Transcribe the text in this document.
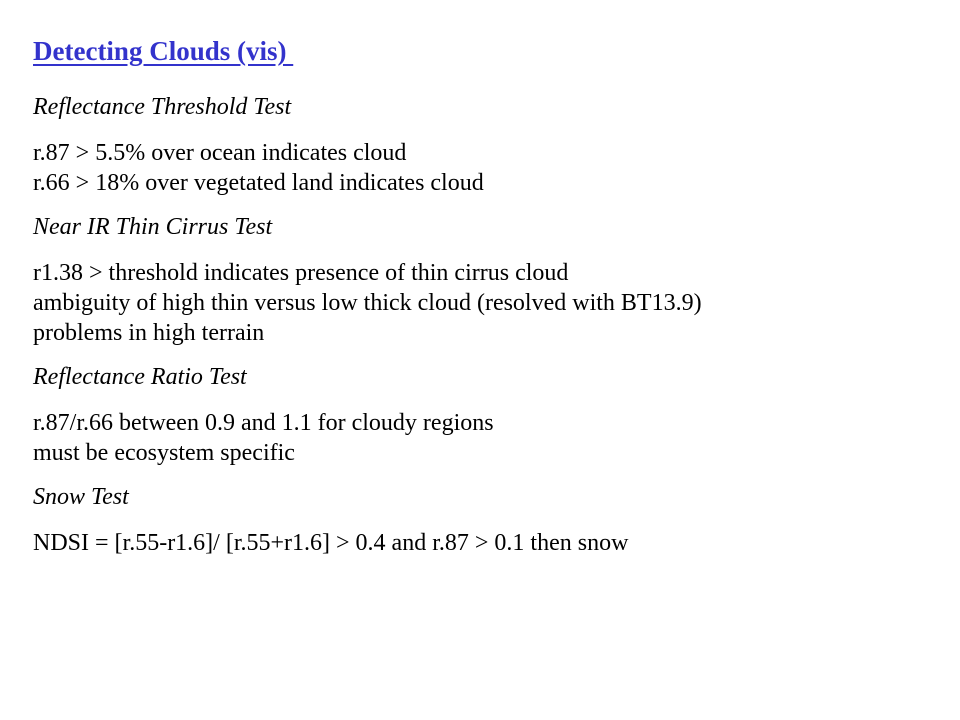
Detecting Clouds (vis)
Reflectance Threshold Test
r.87 > 5.5% over ocean indicates cloud
r.66 > 18% over vegetated land indicates cloud
Near IR Thin Cirrus Test
r1.38 > threshold indicates presence of thin cirrus cloud
ambiguity of high thin versus low thick cloud (resolved with BT13.9)
problems in high terrain
Reflectance Ratio Test
r.87/r.66 between 0.9 and 1.1 for cloudy regions
must be ecosystem specific
Snow Test
NDSI = [r.55-r1.6]/ [r.55+r1.6] > 0.4 and r.87 > 0.1 then snow
